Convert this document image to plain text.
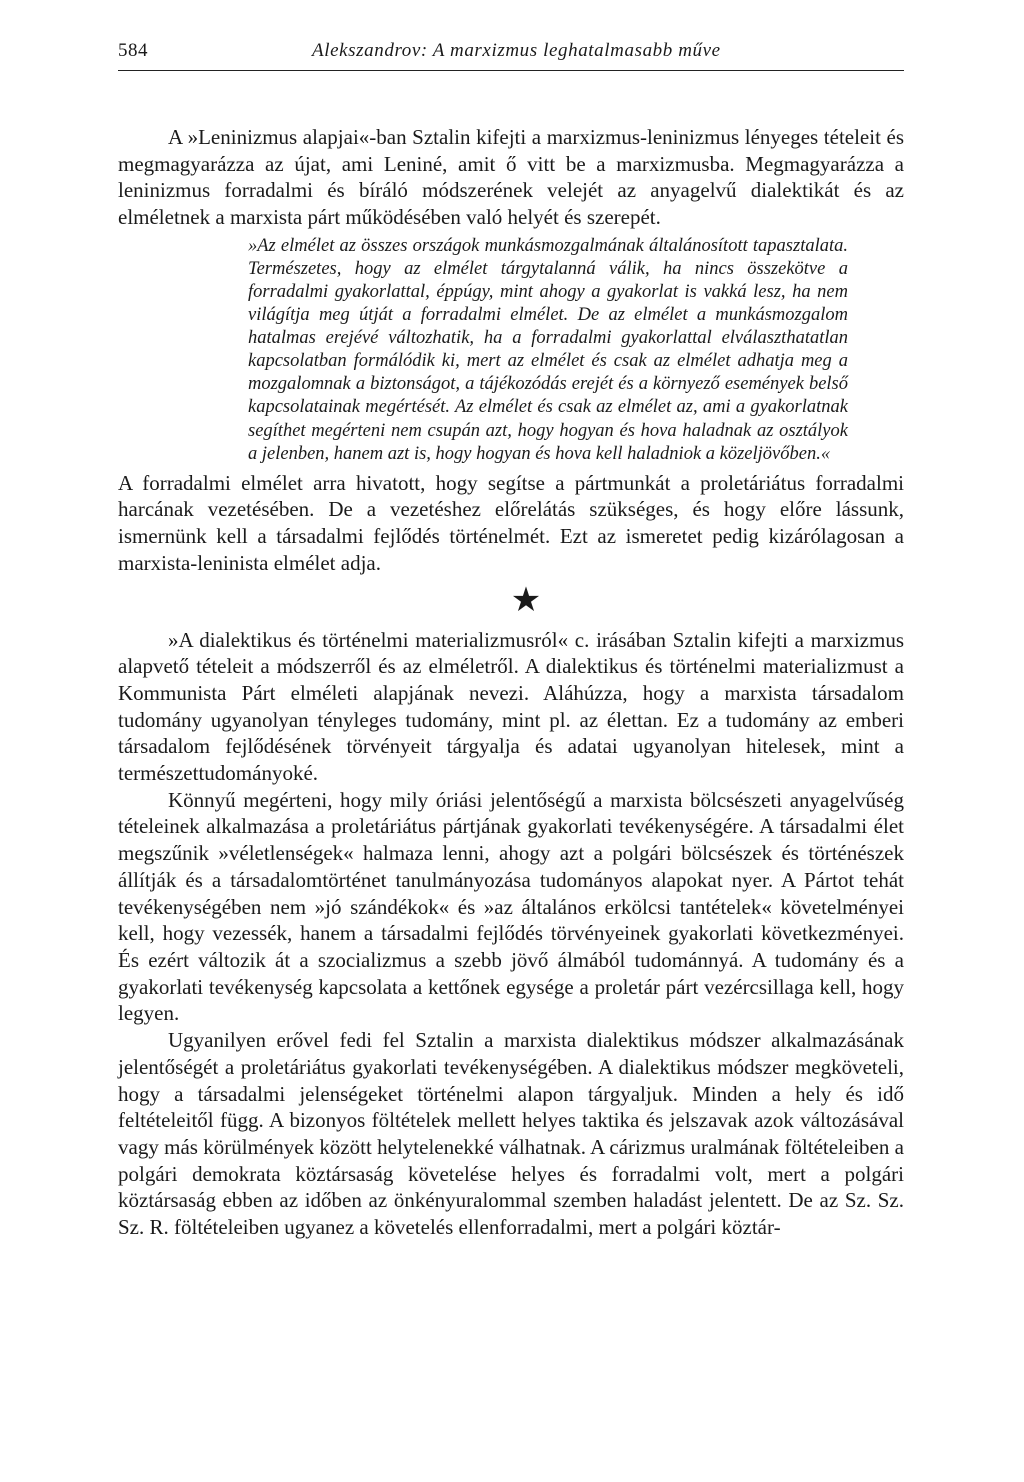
584	Alekszandrov: A marxizmus leghatalmasabb műve

A »Leninizmus alapjai«-ban Sztalin kifejti a marxizmus-leninizmus lényeges tételeit és megmagyarázza az újat, ami Leniné, amit ő vitt be a marxizmusba. Megmagyarázza a leninizmus forradalmi és bíráló módszerének velejét az anyagelvű dialektikát és az elméletnek a marxista párt működésében való helyét és szerepét.

»Az elmélet az összes országok munkásmozgalmának általánosított tapasztalata. Természetes, hogy az elmélet tárgytalanná válik, ha nincs összekötve a forradalmi gyakorlattal, éppúgy, mint ahogy a gyakorlat is vakká lesz, ha nem világítja meg útját a forradalmi elmélet. De az elmélet a munkásmozgalom hatalmas erejévé változhatik, ha a forradalmi gyakorlattal elválaszthatatlan kapcsolatban formálódik ki, mert az elmélet és csak az elmélet adhatja meg a mozgalomnak a biztonságot, a tájékozódás erejét és a környező események belső kapcsolatainak megértését. Az elmélet és csak az elmélet az, ami a gyakorlatnak segíthet megérteni nem csupán azt, hogy hogyan és hova haladnak az osztályok a jelenben, hanem azt is, hogy hogyan és hova kell haladniok a közeljövőben.«

A forradalmi elmélet arra hivatott, hogy segítse a pártmunkát a proletáriátus forradalmi harcának vezetésében. De a vezetéshez előrelátás szükséges, és hogy előre lássunk, ismernünk kell a társadalmi fejlődés történelmét. Ezt az ismeretet pedig kizárólagosan a marxista-leninista elmélet adja.

★

»A dialektikus és történelmi materializmusról« c. irásában Sztalin kifejti a marxizmus alapvető tételeit a módszerről és az elméletről. A dialektikus és történelmi materializmust a Kommunista Párt elméleti alapjának nevezi. Aláhúzza, hogy a marxista társadalom tudomány ugyanolyan tényleges tudomány, mint pl. az élettan. Ez a tudomány az emberi társadalom fejlődésének törvényeit tárgyalja és adatai ugyanolyan hitelesek, mint a természettudományoké.

Könnyű megérteni, hogy mily óriási jelentőségű a marxista bölcsészeti anyagelvűség tételeinek alkalmazása a proletáriátus pártjának gyakorlati tevékenységére. A társadalmi élet megszűnik »véletlenségek« halmaza lenni, ahogy azt a polgári bölcsészek és történészek állítják és a társadalomtörténet tanulmányozása tudományos alapokat nyer. A Pártot tehát tevékenységében nem »jó szándékok« és »az általános erkölcsi tantételek« követelményei kell, hogy vezessék, hanem a társadalmi fejlődés törvényeinek gyakorlati következményei. És ezért változik át a szocializmus a szebb jövő álmából tudománnyá. A tudomány és a gyakorlati tevékenység kapcsolata a kettőnek egysége a proletár párt vezércsillaga kell, hogy legyen.

Ugyanilyen erővel fedi fel Sztalin a marxista dialektikus módszer alkalmazásának jelentőségét a proletáriátus gyakorlati tevékenységében. A dialektikus módszer megköveteli, hogy a társadalmi jelenségeket történelmi alapon tárgyaljuk. Minden a hely és idő feltételeitől függ. A bizonyos föltételek mellett helyes taktika és jelszavak azok változásával vagy más körülmények között helytelenekké válhatnak. A cárizmus uralmának föltételeiben a polgári demokrata köztársaság követelése helyes és forradalmi volt, mert a polgári köztársaság ebben az időben az önkényuralommal szemben haladást jelentett. De az Sz. Sz. Sz. R. föltételeiben ugyanez a követelés ellenforradalmi, mert a polgári köztár-
